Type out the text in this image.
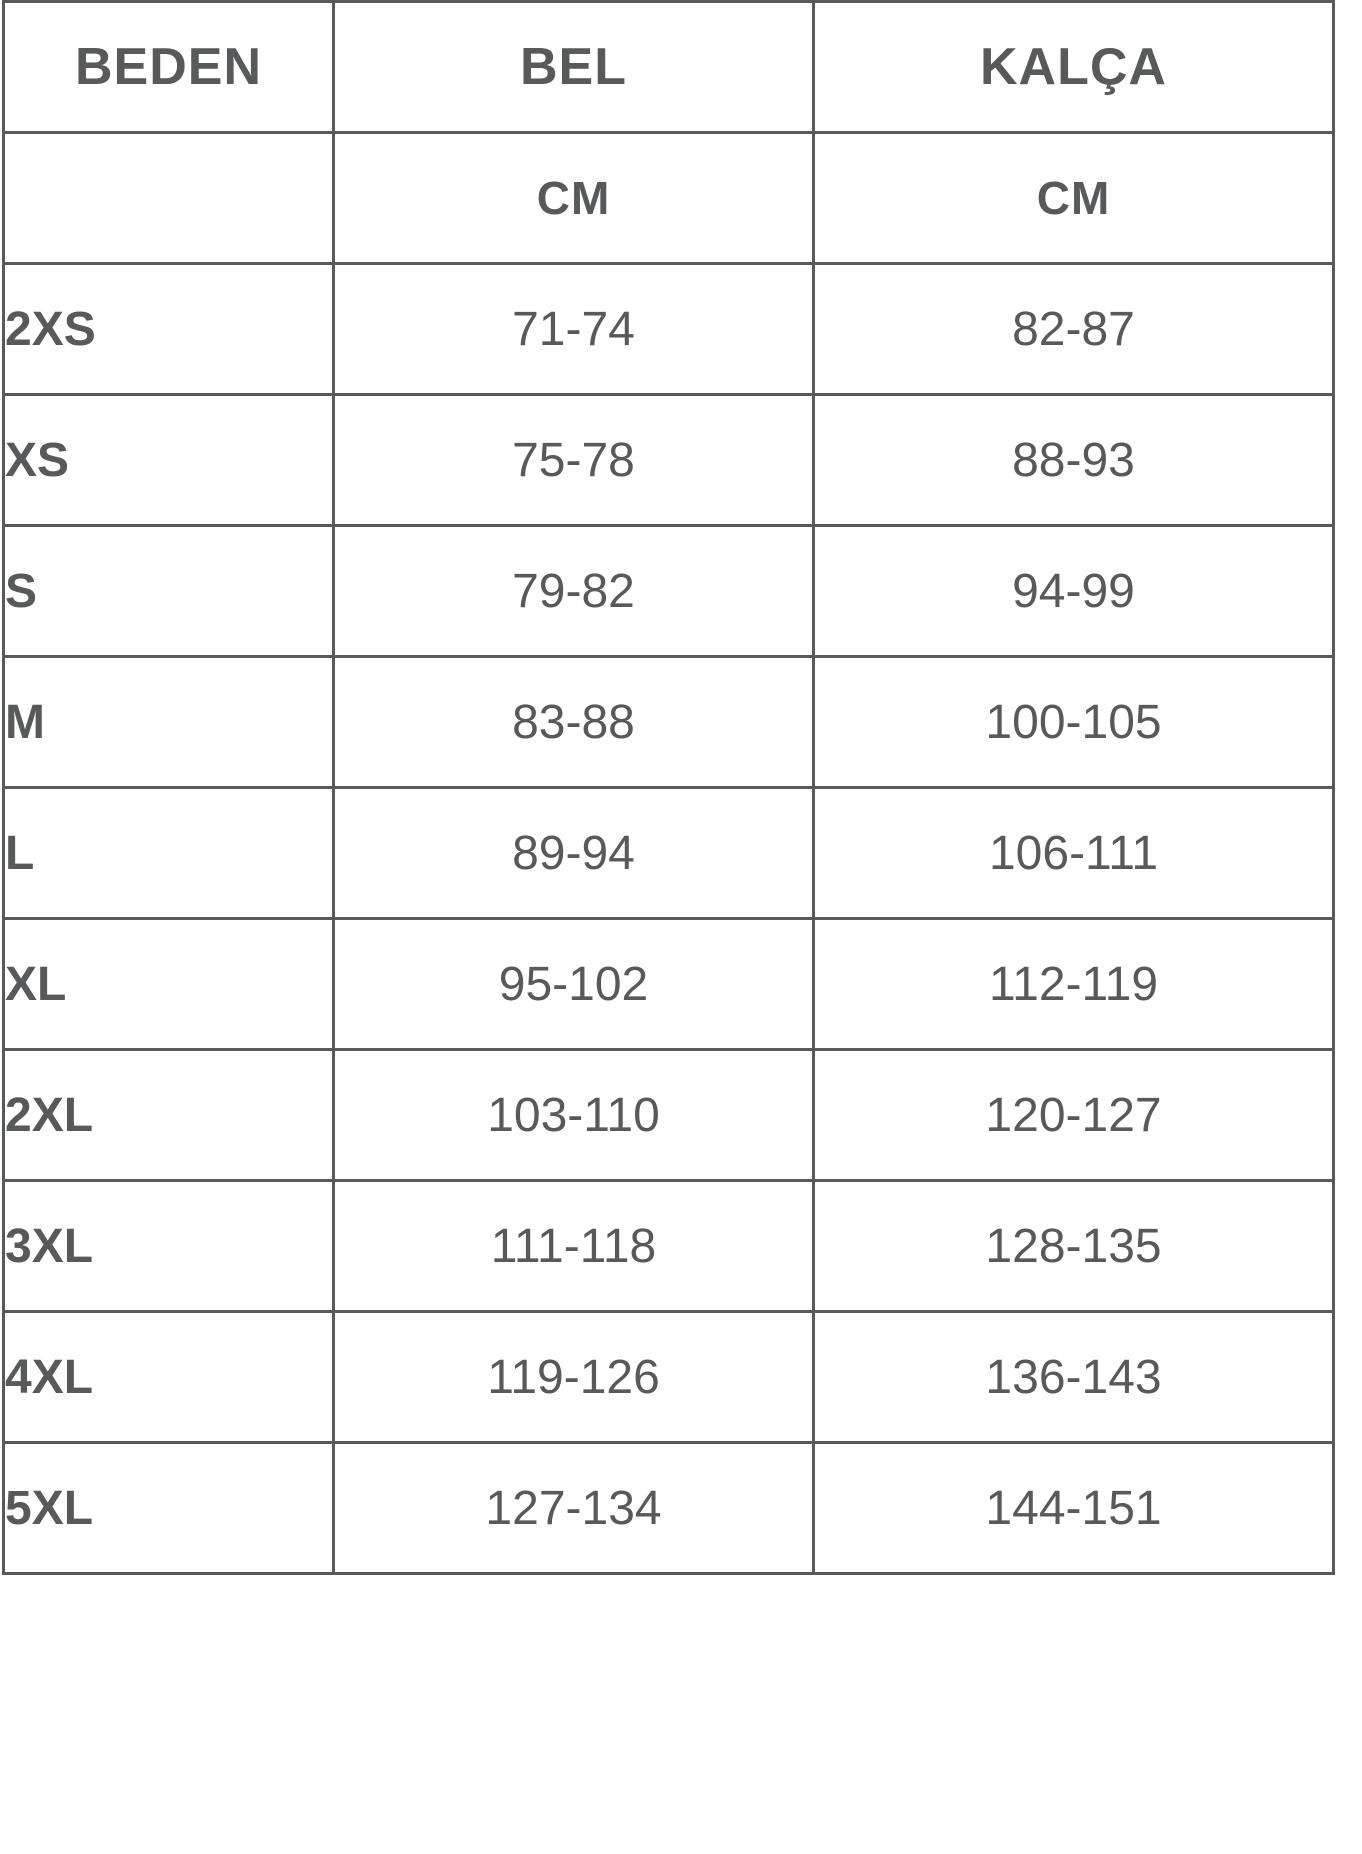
BEDEN	BEL	KALÇA
	CM	CM
2XS	71-74	82-87
XS	75-78	88-93
S	79-82	94-99
M	83-88	100-105
L	89-94	106-111
XL	95-102	112-119
2XL	103-110	120-127
3XL	111-118	128-135
4XL	119-126	136-143
5XL	127-134	144-151
